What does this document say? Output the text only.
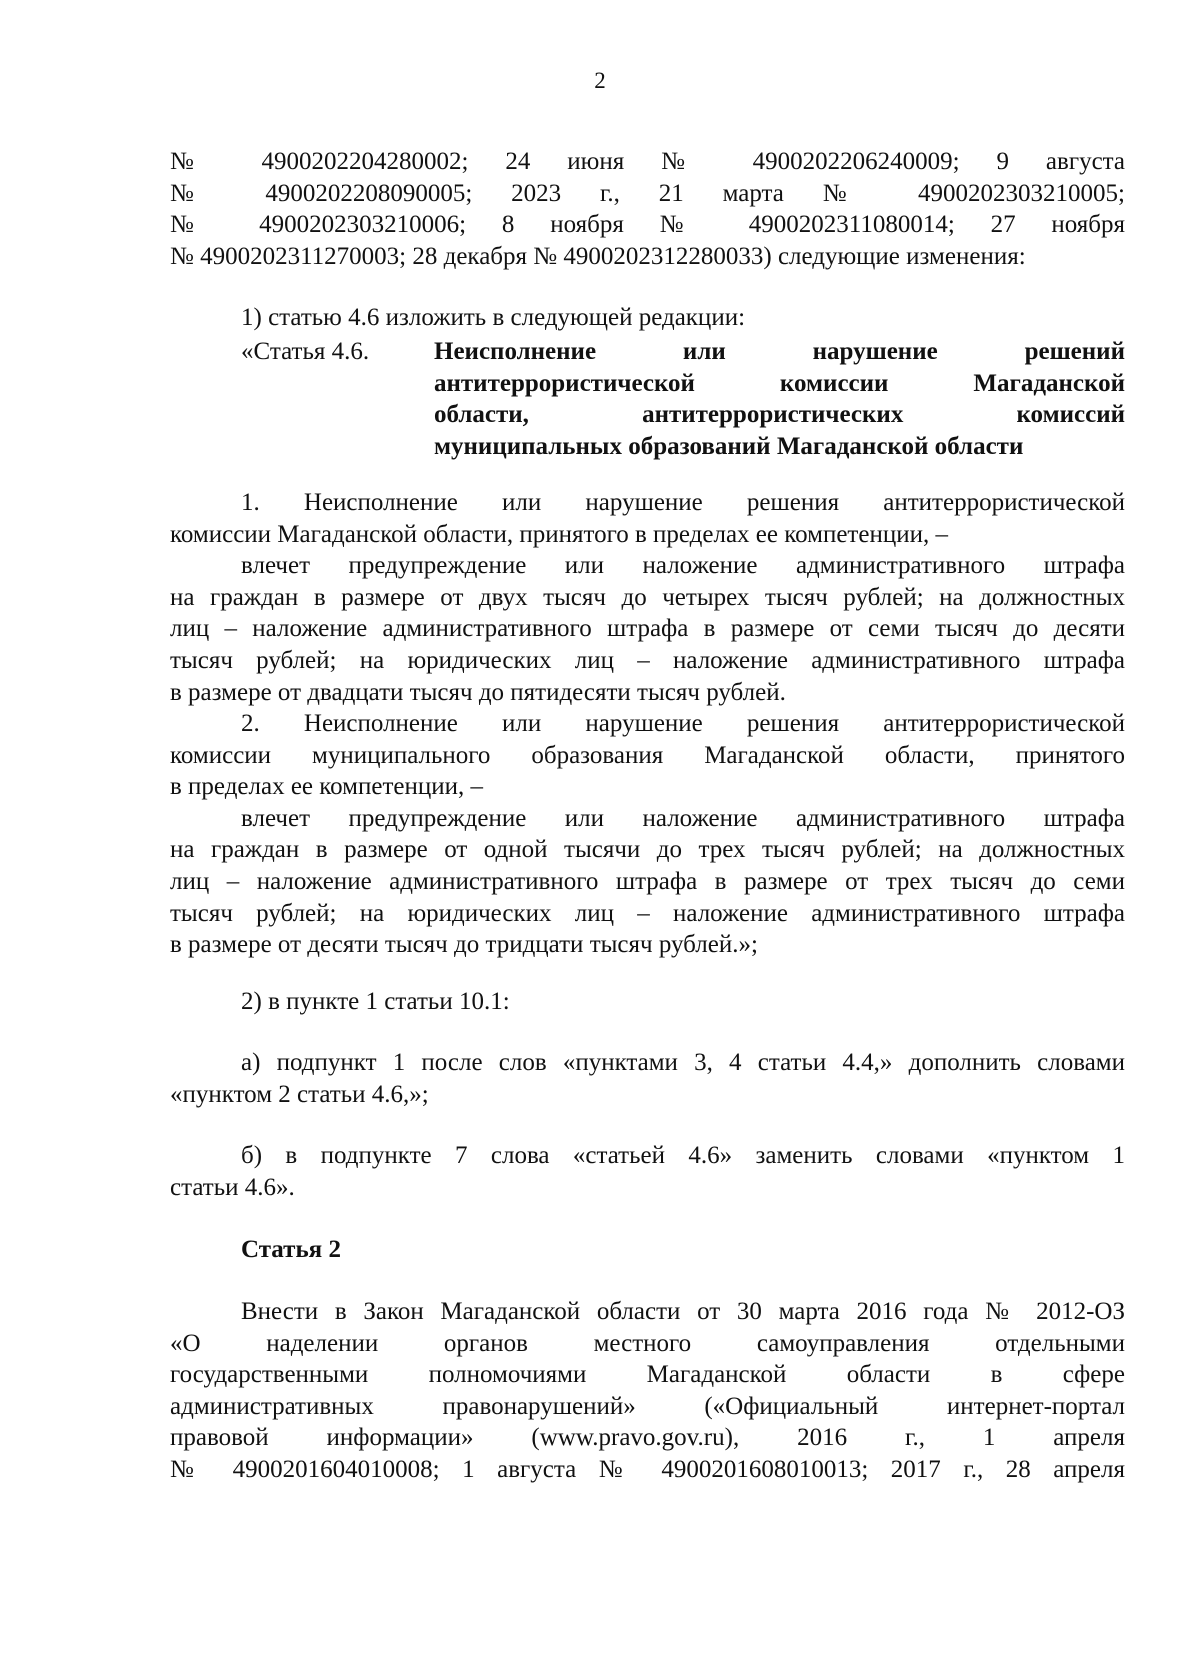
2

№ 4900202204280002; 24 июня № 4900202206240009; 9 августа

№ 4900202208090005; 2023 г., 21 марта № 4900202303210005;

№ 4900202303210006; 8 ноября № 4900202311080014; 27 ноября

№ 4900202311270003; 28 декабря № 4900202312280033) следующие изменения:

1) статью 4.6 изложить в следующей редакции:

«Статья 4.6.	Неисполнение или нарушение решений

антитеррористической комиссии Магаданской

области, антитеррористических комиссий

муниципальных образований Магаданской области

1. Неисполнение или нарушение решения антитеррористической

комиссии Магаданской области, принятого в пределах ее компетенции, –

влечет предупреждение или наложение административного штрафа

на граждан в размере от двух тысяч до четырех тысяч рублей; на должностных

лиц – наложение административного штрафа в размере от семи тысяч до десяти

тысяч рублей; на юридических лиц – наложение административного штрафа

в размере от двадцати тысяч до пятидесяти тысяч рублей.

2. Неисполнение или нарушение решения антитеррористической

комиссии муниципального образования Магаданской области, принятого

в пределах ее компетенции, –

влечет предупреждение или наложение административного штрафа

на граждан в размере от одной тысячи до трех тысяч рублей; на должностных

лиц – наложение административного штрафа в размере от трех тысяч до семи

тысяч рублей; на юридических лиц – наложение административного штрафа

в размере от десяти тысяч до тридцати тысяч рублей.»;

2) в пункте 1 статьи 10.1:

а) подпункт 1 после слов «пунктами 3, 4 статьи 4.4,» дополнить словами

«пунктом 2 статьи 4.6,»;

б) в подпункте 7 слова «статьей 4.6» заменить словами «пунктом 1

статьи 4.6».

Статья 2

Внести в Закон Магаданской области от 30 марта 2016 года № 2012-ОЗ

«О наделении органов местного самоуправления отдельными

государственными полномочиями Магаданской области в сфере

административных правонарушений» («Официальный интернет-портал

правовой информации» (www.pravo.gov.ru), 2016 г., 1 апреля

№ 4900201604010008; 1 августа № 4900201608010013; 2017 г., 28 апреля
